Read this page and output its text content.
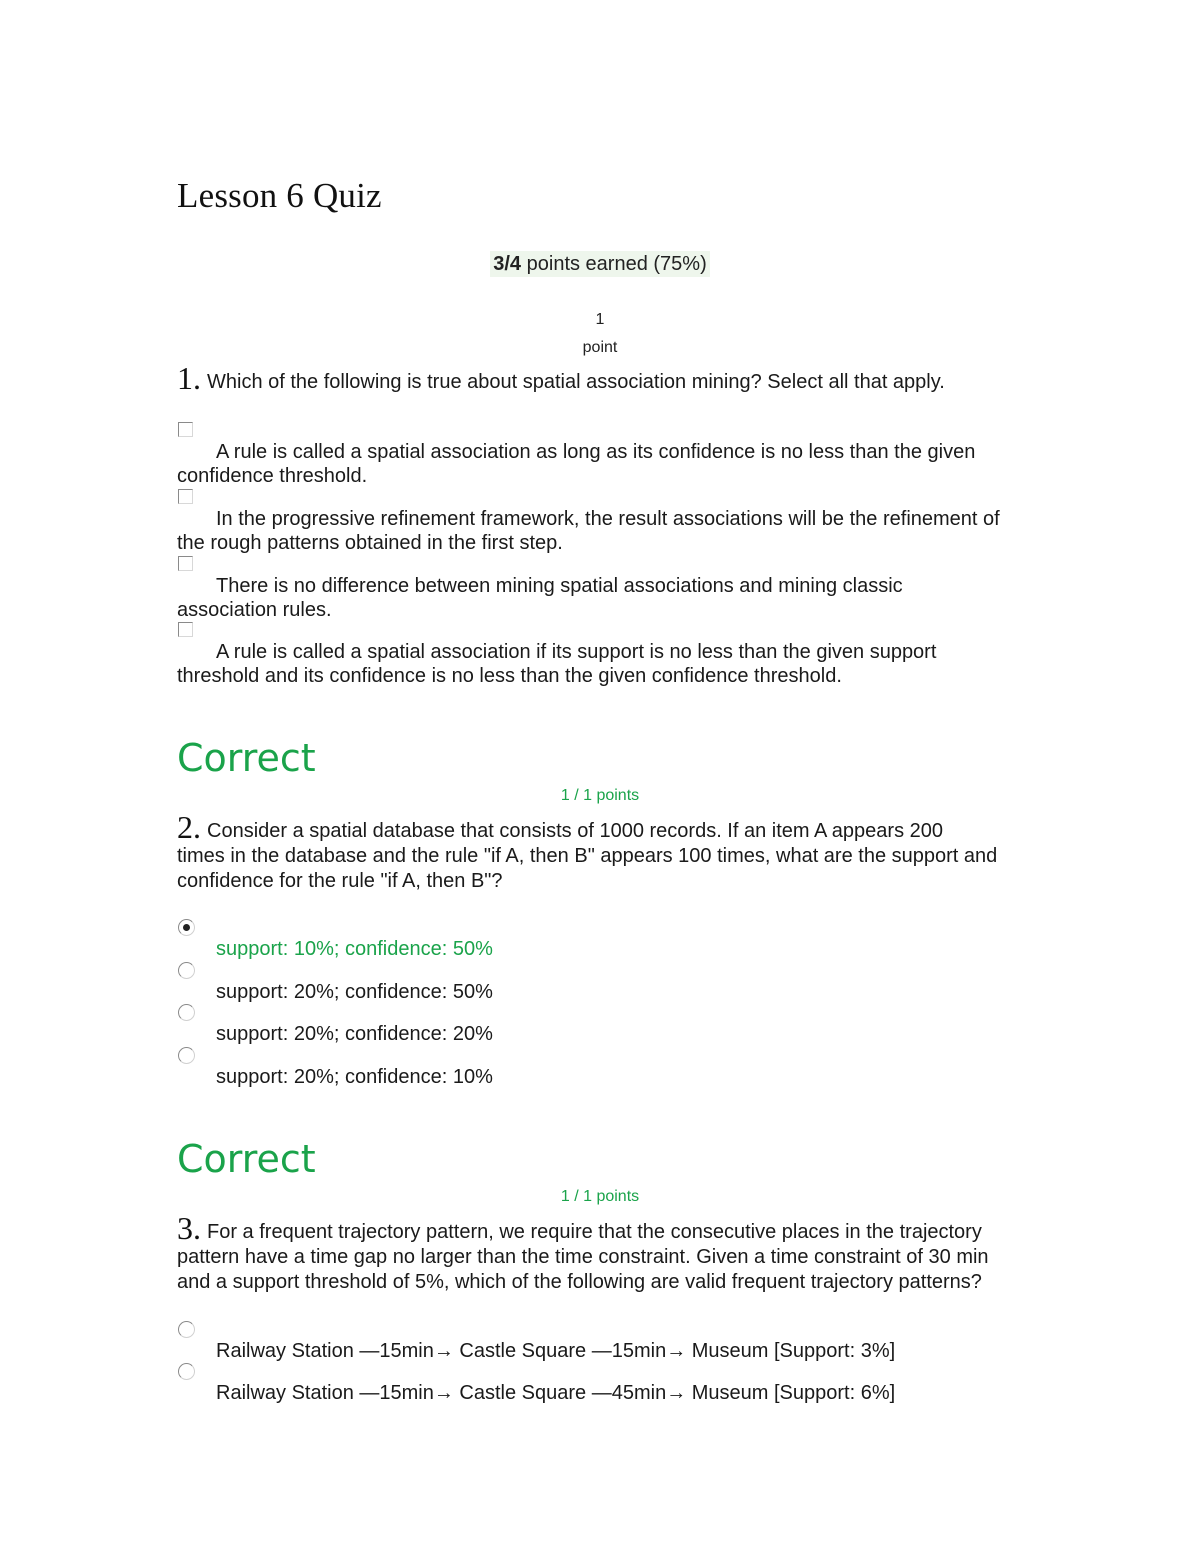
Lesson 6 Quiz
3/4 points earned (75%)
1
point
1. Which of the following is true about spatial association mining? Select all that apply.
A rule is called a spatial association as long as its confidence is no less than the given
confidence threshold.
In the progressive refinement framework, the result associations will be the refinement of
the rough patterns obtained in the first step.
There is no difference between mining spatial associations and mining classic
association rules.
A rule is called a spatial association if its support is no less than the given support
threshold and its confidence is no less than the given confidence threshold.
Correct
1 / 1 points
2. Consider a spatial database that consists of 1000 records. If an item A appears 200
times in the database and the rule "if A, then B" appears 100 times, what are the support and confidence for the rule "if A, then B"?
support: 10%; confidence: 50%
support: 20%; confidence: 50%
support: 20%; confidence: 20%
support: 20%; confidence: 10%
Correct
1 / 1 points
3. For a frequent trajectory pattern, we require that the consecutive places in the trajectory
pattern have a time gap no larger than the time constraint. Given a time constraint of 30 min and a support threshold of 5%, which of the following are valid frequent trajectory patterns?
Railway Station —15min→ Castle Square —15min→ Museum [Support: 3%]
Railway Station —15min→ Castle Square —45min→ Museum [Support: 6%]
